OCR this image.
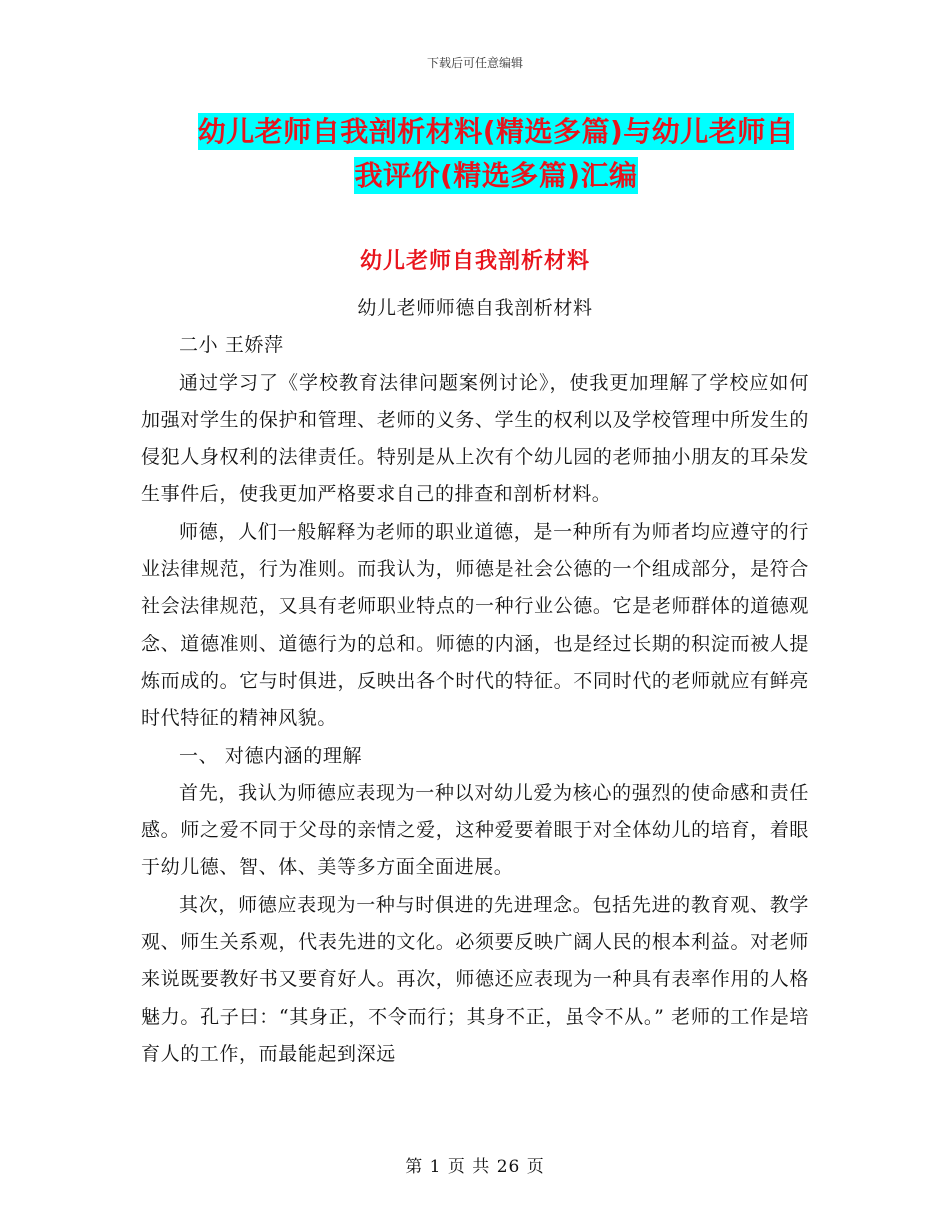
下载后可任意编辑
幼儿老师自我剖析材料(精选多篇)与幼儿老师自我评价(精选多篇)汇编
幼儿老师自我剖析材料

幼儿老师师德自我剖析材料

二小 王娇萍

通过学习了《学校教育法律问题案例讨论》，使我更加理解了学校应如何加强对学生的保护和管理、老师的义务、学生的权利以及学校管理中所发生的侵犯人身权利的法律责任。特别是从上次有个幼儿园的老师抽小朋友的耳朵发生事件后，使我更加严格要求自己的排查和剖析材料。

师德，人们一般解释为老师的职业道德，是一种所有为师者均应遵守的行业法律规范，行为准则。而我认为，师德是社会公德的一个组成部分，是符合社会法律规范，又具有老师职业特点的一种行业公德。它是老师群体的道德观念、道德准则、道德行为的总和。师德的内涵，也是经过长期的积淀而被人提炼而成的。它与时俱进，反映出各个时代的特征。不同时代的老师就应有鲜亮时代特征的精神风貌。

一、 对德内涵的理解

首先，我认为师德应表现为一种以对幼儿爱为核心的强烈的使命感和责任感。师之爱不同于父母的亲情之爱，这种爱要着眼于对全体幼儿的培育，着眼于幼儿德、智、体、美等多方面全面进展。

其次，师德应表现为一种与时俱进的先进理念。包括先进的教育观、教学观、师生关系观，代表先进的文化。必须要反映广阔人民的根本利益。对老师来说既要教好书又要育好人。再次，师德还应表现为一种具有表率作用的人格魅力。孔子曰：“其身正，不令而行；其身不正，虽令不从。” 老师的工作是培育人的工作，而最能起到深远

第 1 页 共 26 页
